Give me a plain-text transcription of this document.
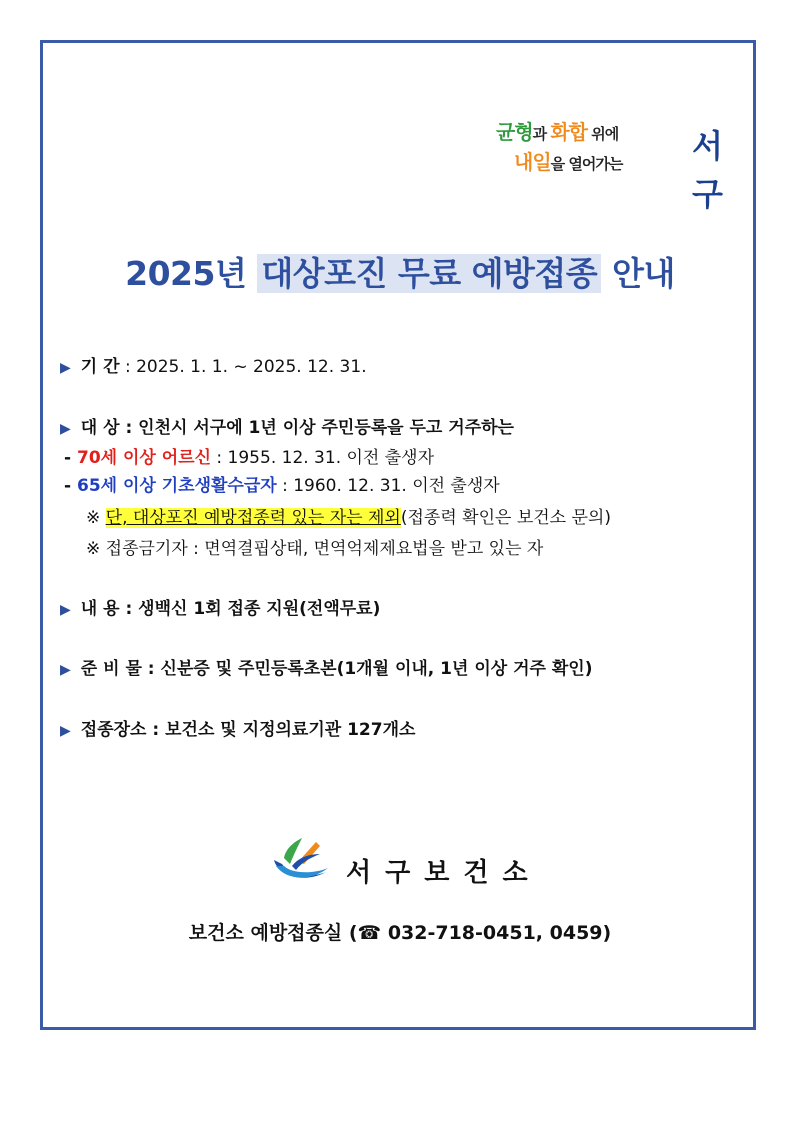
균형과 화합 위에
내일을 열어가는 서구
2025년 대상포진 무료 예방접종 안내
▶ 기 간 : 2025. 1. 1. ~ 2025. 12. 31.
▶ 대 상 : 인천시 서구에 1년 이상 주민등록을 두고 거주하는
- 70세 이상 어르신 : 1955. 12. 31. 이전 출생자
- 65세 이상 기초생활수급자 : 1960. 12. 31. 이전 출생자
※ 단, 대상포진 예방접종력 있는 자는 제외(접종력 확인은 보건소 문의)
※ 접종금기자 : 면역결핍상태, 면역억제제요법을 받고 있는 자
▶ 내 용 : 생백신 1회 접종 지원(전액무료)
▶ 준 비 물 : 신분증 및 주민등록초본(1개월 이내, 1년 이상 거주 확인)
▶ 접종장소 : 보건소 및 지정의료기관 127개소
서구보건소
보건소 예방접종실 (☎ 032-718-0451, 0459)
